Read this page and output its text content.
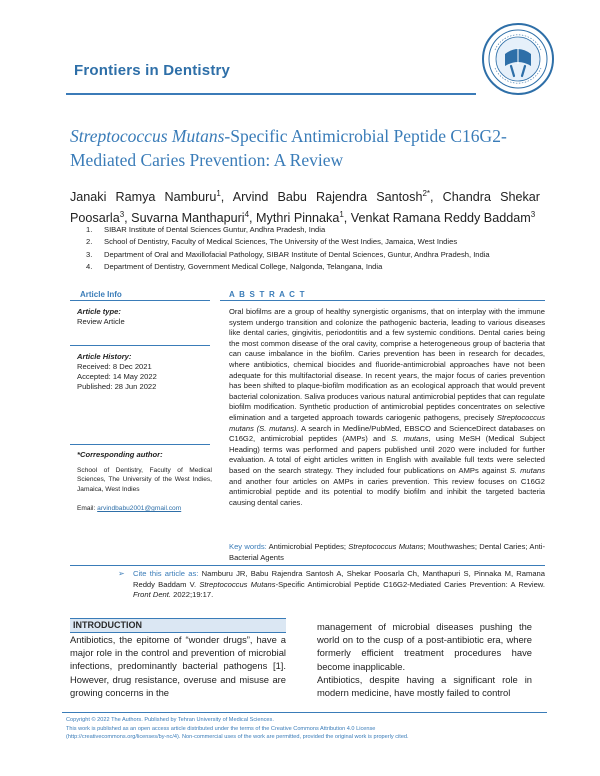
Frontiers in Dentistry
Streptococcus Mutans-Specific Antimicrobial Peptide C16G2-Mediated Caries Prevention: A Review
Janaki Ramya Namburu$^1$, Arvind Babu Rajendra Santosh$^{2*}$, Chandra Shekar Poosarla$^3$, Suvarna Manthapuri$^4$, Mythri Pinnaka$^1$, Venkat Ramana Reddy Baddam$^3$
1. SIBAR Institute of Dental Sciences Guntur, Andhra Pradesh, India
2. School of Dentistry, Faculty of Medical Sciences, The University of the West Indies, Jamaica, West Indies
3. Department of Oral and Maxillofacial Pathology, SIBAR Institute of Dental Sciences, Guntur, Andhra Pradesh, India
4. Department of Dentistry, Government Medical College, Nalgonda, Telangana, India
Article Info	A B S T R A C T
Article type:
Review Article
Article History:
Received: 8 Dec 2021
Accepted: 14 May 2022
Published: 28 Jun 2022
*Corresponding author:
School of Dentistry, Faculty of Medical Sciences, The University of the West Indies, Jamaica, West Indies
Email: arvindbabu2001@gmail.com
Oral biofilms are a group of healthy synergistic organisms, that on interplay with the immune system undergo transition and colonize the pathogenic bacteria, leading to various diseases like dental caries, gingivitis, periodontitis and a few systemic conditions. Dental caries being the most common disease of the oral cavity, comprise a heterogeneous group of bacteria that can cause imbalance in the biofilm. Caries prevention has been in research for decades, where antibiotics, chemical biocides and fluoride-antimicrobial approaches have not been adequate for this multifactorial disease. In recent years, the major focus of caries prevention has been shifted to plaque-biofilm modification as an ecological approach that would prevent bacterial colonization. Saliva produces various natural antimicrobial peptides that can regulate biofilm modification. Synthetic production of antimicrobial peptides concentrates on selective elimination and a targeted approach towards cariogenic pathogens, precisely Streptococcus mutans (S. mutans). A search in Medline/PubMed, EBSCO and ScienceDirect databases on C16G2, antimicrobial peptides (AMPs) and S. mutans, using MeSH (Medical Subject Heading) terms was performed and papers published until 2020 were included for further evaluation. A total of eight articles written in English with available full texts were selected based on the search strategy. They included four publications on AMPs against S. mutans and another four articles on AMPs in caries prevention. This review focuses on C16G2 antimicrobial peptide and its potential to modify biofilm and inhibit the targeted bacteria causing dental caries.
Key words: Antimicrobial Peptides; Streptococcus Mutans; Mouthwashes; Dental Caries; Anti-Bacterial Agents
➢ Cite this article as: Namburu JR, Babu Rajendra Santosh A, Shekar Poosarla Ch, Manthapuri S, Pinnaka M, Ramana Reddy Baddam V. Streptococcus Mutans-Specific Antimicrobial Peptide C16G2-Mediated Caries Prevention: A Review. Front Dent. 2022;19:17.
INTRODUCTION
Antibiotics, the epitome of “wonder drugs”, have a major role in the control and prevention of microbial infections, predominantly bacterial pathogens [1]. However, drug resistance, overuse and misuse are growing concerns in the
management of microbial diseases pushing the world on to the cusp of a post-antibiotic era, where formerly efficient treatment procedures have become inapplicable.
Antibiotics, despite having a significant role in modern medicine, have mostly failed to control
Copyright © 2022 The Authors. Published by Tehran University of Medical Sciences.
This work is published as an open access article distributed under the terms of the Creative Commons Attribution 4.0 License
(http://creativecommons.org/licenses/by-nc/4). Non-commercial uses of the work are permitted, provided the original work is properly cited.
